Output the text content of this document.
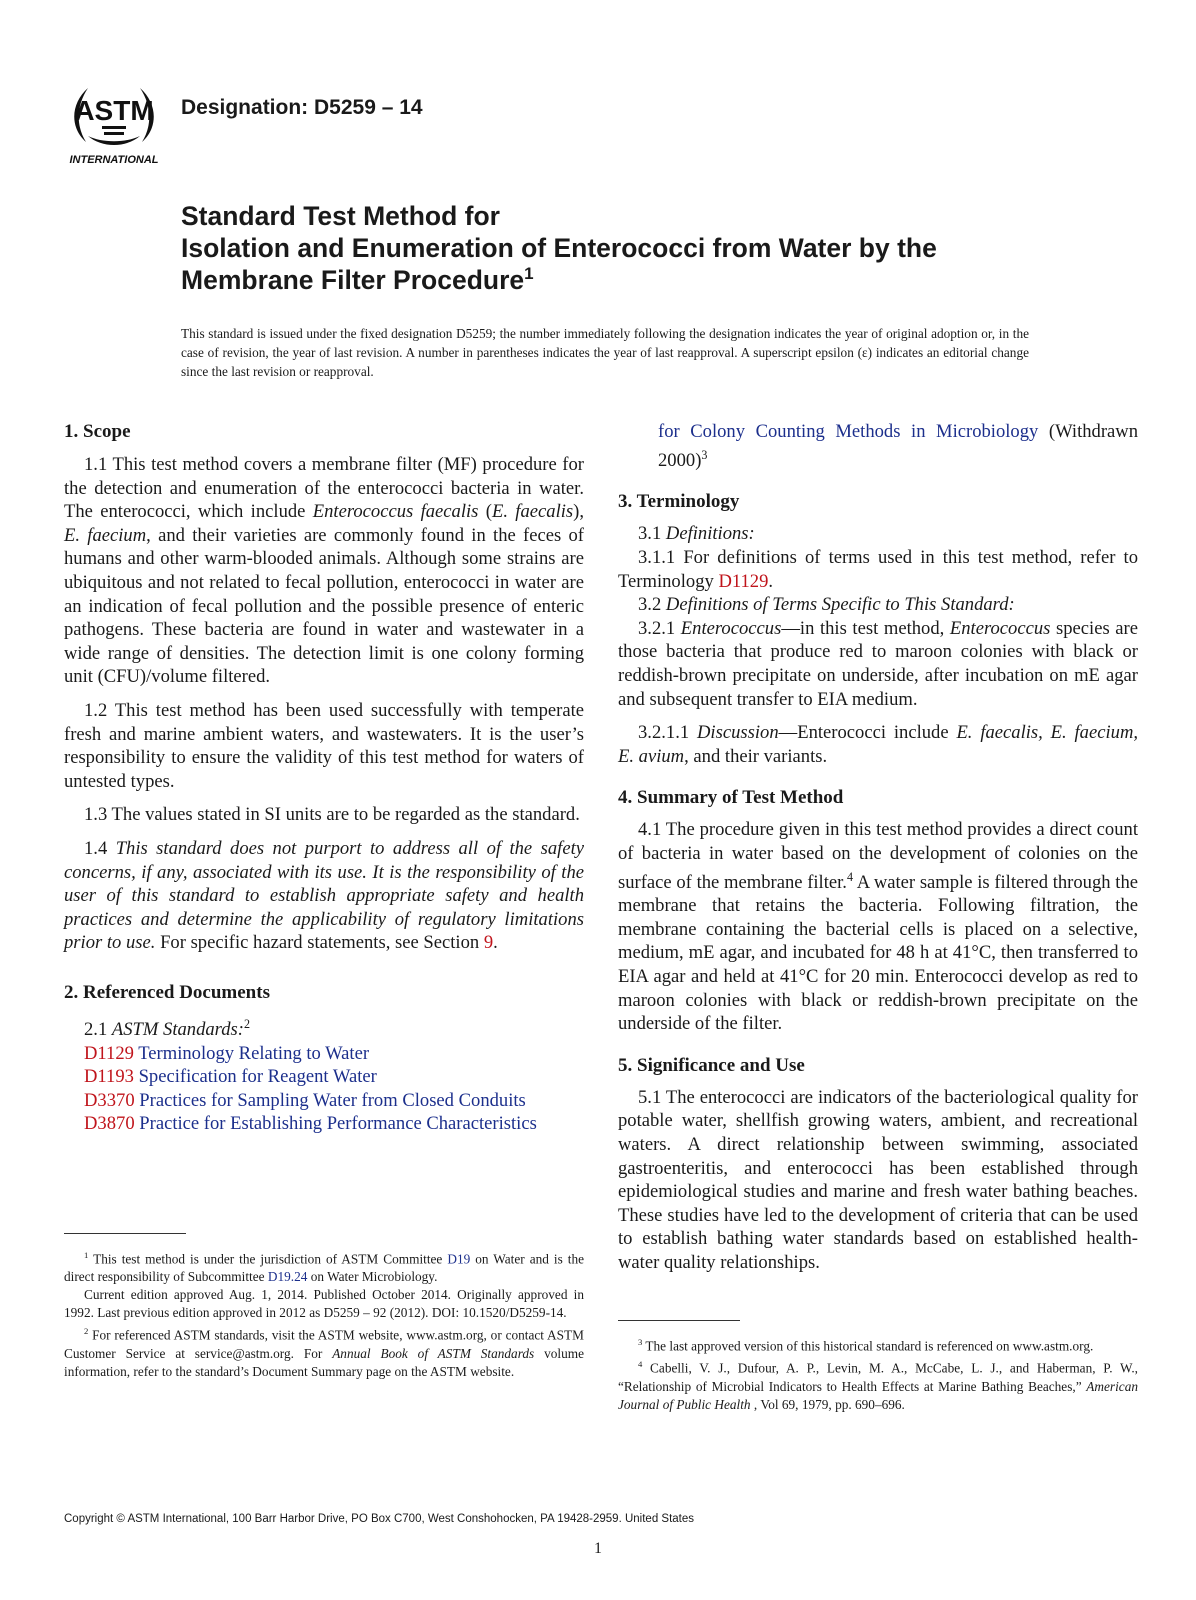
ASTM
INTERNATIONAL
Designation: D5259 – 14
Standard Test Method for
Isolation and Enumeration of Enterococci from Water by the
Membrane Filter Procedure$^1$
This standard is issued under the fixed designation D5259; the number immediately following the designation indicates the year of original adoption or, in the case of revision, the year of last revision. A number in parentheses indicates the year of last reapproval. A superscript epsilon (ε) indicates an editorial change since the last revision or reapproval.
1. Scope

1.1 This test method covers a membrane filter (MF) procedure for the detection and enumeration of the enterococci bacteria in water. The enterococci, which include Enterococcus faecalis (E. faecalis), E. faecium, and their varieties are commonly found in the feces of humans and other warm-blooded animals. Although some strains are ubiquitous and not related to fecal pollution, enterococci in water are an indication of fecal pollution and the possible presence of enteric pathogens. These bacteria are found in water and wastewater in a wide range of densities. The detection limit is one colony forming unit (CFU)/volume filtered.

1.2 This test method has been used successfully with temperate fresh and marine ambient waters, and wastewaters. It is the user’s responsibility to ensure the validity of this test method for waters of untested types.

1.3 The values stated in SI units are to be regarded as the standard.

1.4 This standard does not purport to address all of the safety concerns, if any, associated with its use. It is the responsibility of the user of this standard to establish appropriate safety and health practices and determine the applicability of regulatory limitations prior to use. For specific hazard statements, see Section 9.

2. Referenced Documents

2.1 ASTM Standards:$^2$

D1129 Terminology Relating to Water
D1193 Specification for Reagent Water
D3370 Practices for Sampling Water from Closed Conduits
D3870 Practice for Establishing Performance Characteristics

$^1$ This test method is under the jurisdiction of ASTM Committee D19 on Water and is the direct responsibility of Subcommittee D19.24 on Water Microbiology.

Current edition approved Aug. 1, 2014. Published October 2014. Originally approved in 1992. Last previous edition approved in 2012 as D5259 – 92 (2012). DOI: 10.1520/D5259-14.

$^2$ For referenced ASTM standards, visit the ASTM website, www.astm.org, or contact ASTM Customer Service at service@astm.org. For Annual Book of ASTM Standards volume information, refer to the standard’s Document Summary page on the ASTM website.

for Colony Counting Methods in Microbiology (Withdrawn 2000)$^3$

3. Terminology

3.1 Definitions:

3.1.1 For definitions of terms used in this test method, refer to Terminology D1129.

3.2 Definitions of Terms Specific to This Standard:

3.2.1 Enterococcus—in this test method, Enterococcus species are those bacteria that produce red to maroon colonies with black or reddish-brown precipitate on underside, after incubation on mE agar and subsequent transfer to EIA medium.

3.2.1.1 Discussion—Enterococci include E. faecalis, E. faecium, E. avium, and their variants.

4. Summary of Test Method

4.1 The procedure given in this test method provides a direct count of bacteria in water based on the development of colonies on the surface of the membrane filter.$^4$ A water sample is filtered through the membrane that retains the bacteria. Following filtration, the membrane containing the bacterial cells is placed on a selective, medium, mE agar, and incubated for 48 h at 41°C, then transferred to EIA agar and held at 41°C for 20 min. Enterococci develop as red to maroon colonies with black or reddish-brown precipitate on the underside of the filter.

5. Significance and Use

5.1 The enterococci are indicators of the bacteriological quality for potable water, shellfish growing waters, ambient, and recreational waters. A direct relationship between swimming, associated gastroenteritis, and enterococci has been established through epidemiological studies and marine and fresh water bathing beaches. These studies have led to the development of criteria that can be used to establish bathing water standards based on established health-water quality relationships.

$^3$ The last approved version of this historical standard is referenced on www.astm.org.

$^4$ Cabelli, V. J., Dufour, A. P., Levin, M. A., McCabe, L. J., and Haberman, P. W., “Relationship of Microbial Indicators to Health Effects at Marine Bathing Beaches,” American Journal of Public Health , Vol 69, 1979, pp. 690–696.

Copyright © ASTM International, 100 Barr Harbor Drive, PO Box C700, West Conshohocken, PA 19428-2959. United States
1
